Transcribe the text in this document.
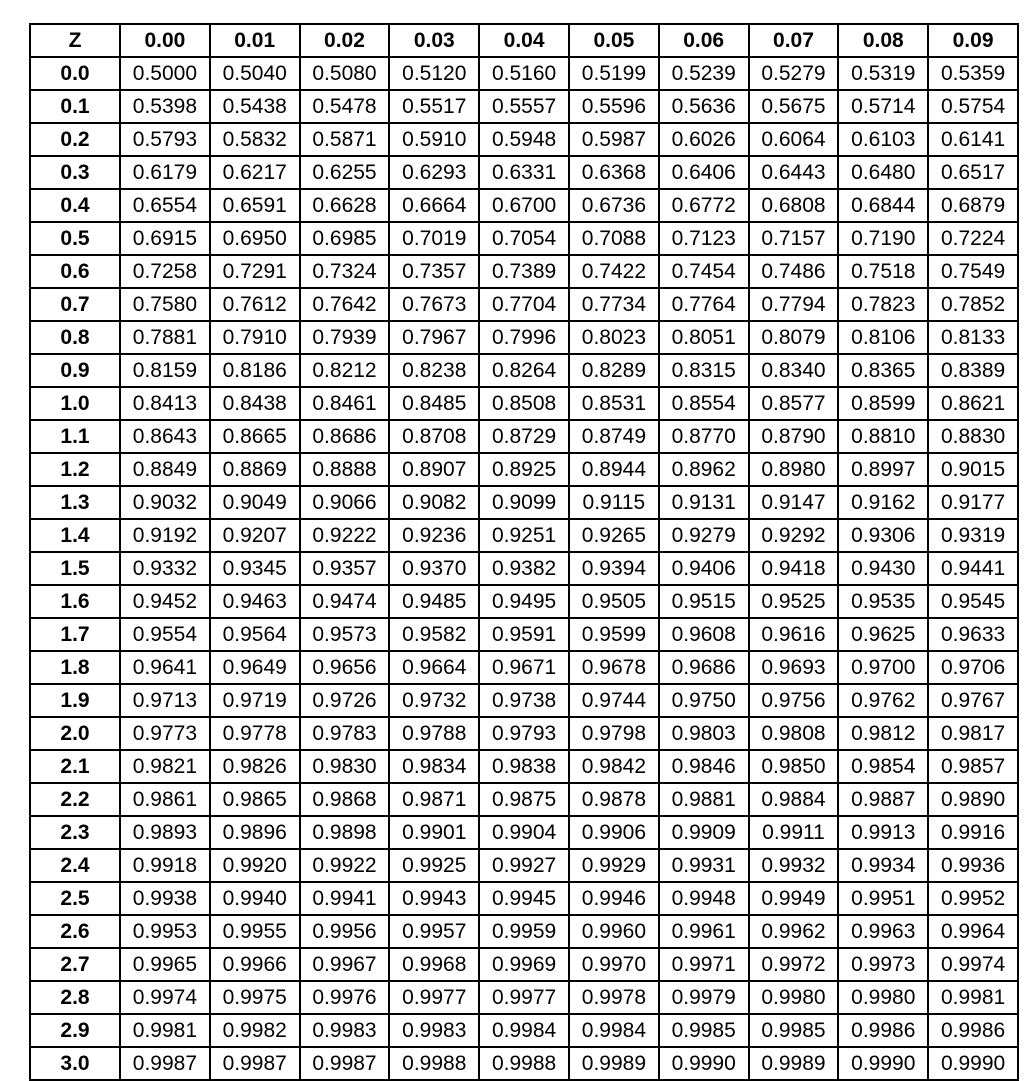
Z	0.00	0.01	0.02	0.03	0.04	0.05	0.06	0.07	0.08	0.09
0.0	0.5000	0.5040	0.5080	0.5120	0.5160	0.5199	0.5239	0.5279	0.5319	0.5359
0.1	0.5398	0.5438	0.5478	0.5517	0.5557	0.5596	0.5636	0.5675	0.5714	0.5754
0.2	0.5793	0.5832	0.5871	0.5910	0.5948	0.5987	0.6026	0.6064	0.6103	0.6141
0.3	0.6179	0.6217	0.6255	0.6293	0.6331	0.6368	0.6406	0.6443	0.6480	0.6517
0.4	0.6554	0.6591	0.6628	0.6664	0.6700	0.6736	0.6772	0.6808	0.6844	0.6879
0.5	0.6915	0.6950	0.6985	0.7019	0.7054	0.7088	0.7123	0.7157	0.7190	0.7224
0.6	0.7258	0.7291	0.7324	0.7357	0.7389	0.7422	0.7454	0.7486	0.7518	0.7549
0.7	0.7580	0.7612	0.7642	0.7673	0.7704	0.7734	0.7764	0.7794	0.7823	0.7852
0.8	0.7881	0.7910	0.7939	0.7967	0.7996	0.8023	0.8051	0.8079	0.8106	0.8133
0.9	0.8159	0.8186	0.8212	0.8238	0.8264	0.8289	0.8315	0.8340	0.8365	0.8389
1.0	0.8413	0.8438	0.8461	0.8485	0.8508	0.8531	0.8554	0.8577	0.8599	0.8621
1.1	0.8643	0.8665	0.8686	0.8708	0.8729	0.8749	0.8770	0.8790	0.8810	0.8830
1.2	0.8849	0.8869	0.8888	0.8907	0.8925	0.8944	0.8962	0.8980	0.8997	0.9015
1.3	0.9032	0.9049	0.9066	0.9082	0.9099	0.9115	0.9131	0.9147	0.9162	0.9177
1.4	0.9192	0.9207	0.9222	0.9236	0.9251	0.9265	0.9279	0.9292	0.9306	0.9319
1.5	0.9332	0.9345	0.9357	0.9370	0.9382	0.9394	0.9406	0.9418	0.9430	0.9441
1.6	0.9452	0.9463	0.9474	0.9485	0.9495	0.9505	0.9515	0.9525	0.9535	0.9545
1.7	0.9554	0.9564	0.9573	0.9582	0.9591	0.9599	0.9608	0.9616	0.9625	0.9633
1.8	0.9641	0.9649	0.9656	0.9664	0.9671	0.9678	0.9686	0.9693	0.9700	0.9706
1.9	0.9713	0.9719	0.9726	0.9732	0.9738	0.9744	0.9750	0.9756	0.9762	0.9767
2.0	0.9773	0.9778	0.9783	0.9788	0.9793	0.9798	0.9803	0.9808	0.9812	0.9817
2.1	0.9821	0.9826	0.9830	0.9834	0.9838	0.9842	0.9846	0.9850	0.9854	0.9857
2.2	0.9861	0.9865	0.9868	0.9871	0.9875	0.9878	0.9881	0.9884	0.9887	0.9890
2.3	0.9893	0.9896	0.9898	0.9901	0.9904	0.9906	0.9909	0.9911	0.9913	0.9916
2.4	0.9918	0.9920	0.9922	0.9925	0.9927	0.9929	0.9931	0.9932	0.9934	0.9936
2.5	0.9938	0.9940	0.9941	0.9943	0.9945	0.9946	0.9948	0.9949	0.9951	0.9952
2.6	0.9953	0.9955	0.9956	0.9957	0.9959	0.9960	0.9961	0.9962	0.9963	0.9964
2.7	0.9965	0.9966	0.9967	0.9968	0.9969	0.9970	0.9971	0.9972	0.9973	0.9974
2.8	0.9974	0.9975	0.9976	0.9977	0.9977	0.9978	0.9979	0.9980	0.9980	0.9981
2.9	0.9981	0.9982	0.9983	0.9983	0.9984	0.9984	0.9985	0.9985	0.9986	0.9986
3.0	0.9987	0.9987	0.9987	0.9988	0.9988	0.9989	0.9990	0.9989	0.9990	0.9990
